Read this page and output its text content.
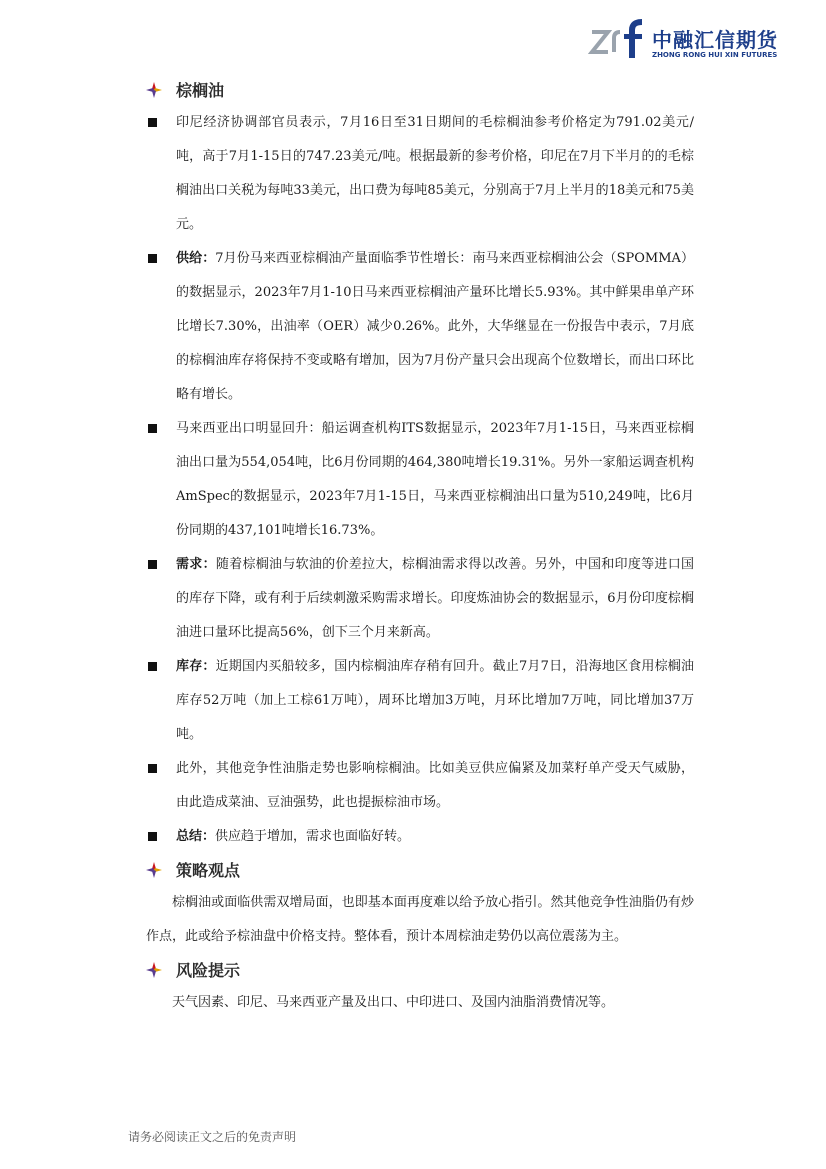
中融汇信期货
ZHONG RONG HUI XIN FUTURES
棕榈油

印尼经济协调部官员表示，7月16日至31日期间的毛棕榈油参考价格定为791.02美元/吨，高于7月1-15日的747.23美元/吨。根据最新的参考价格，印尼在7月下半月的的毛棕榈油出口关税为每吨33美元，出口费为每吨85美元，分别高于7月上半月的18美元和75美元。

供给：7月份马来西亚棕榈油产量面临季节性增长：南马来西亚棕榈油公会（SPOMMA）的数据显示，2023年7月1-10日马来西亚棕榈油产量环比增长5.93%。其中鲜果串单产环比增长7.30%，出油率（OER）减少0.26%。此外，大华继显在一份报告中表示，7月底的棕榈油库存将保持不变或略有增加，因为7月份产量只会出现高个位数增长，而出口环比略有增长。

马来西亚出口明显回升：船运调查机构ITS数据显示，2023年7月1-15日，马来西亚棕榈油出口量为554,054吨，比6月份同期的464,380吨增长19.31%。另外一家船运调查机构AmSpec的数据显示，2023年7月1-15日，马来西亚棕榈油出口量为510,249吨，比6月份同期的437,101吨增长16.73%。

需求：随着棕榈油与软油的价差拉大，棕榈油需求得以改善。另外，中国和印度等进口国的库存下降，或有利于后续刺激采购需求增长。印度炼油协会的数据显示，6月份印度棕榈油进口量环比提高56%，创下三个月来新高。

库存：近期国内买船较多，国内棕榈油库存稍有回升。截止7月7日，沿海地区食用棕榈油库存52万吨（加上工棕61万吨），周环比增加3万吨，月环比增加7万吨，同比增加37万吨。

此外，其他竞争性油脂走势也影响棕榈油。比如美豆供应偏紧及加菜籽单产受天气威胁，由此造成菜油、豆油强势，此也提振棕油市场。

总结：供应趋于增加，需求也面临好转。

策略观点

棕榈油或面临供需双增局面，也即基本面再度难以给予放心指引。然其他竞争性油脂仍有炒作点，此或给予棕油盘中价格支持。整体看，预计本周棕油走势仍以高位震荡为主。

风险提示

天气因素、印尼、马来西亚产量及出口、中印进口、及国内油脂消费情况等。

请务必阅读正文之后的免责声明
